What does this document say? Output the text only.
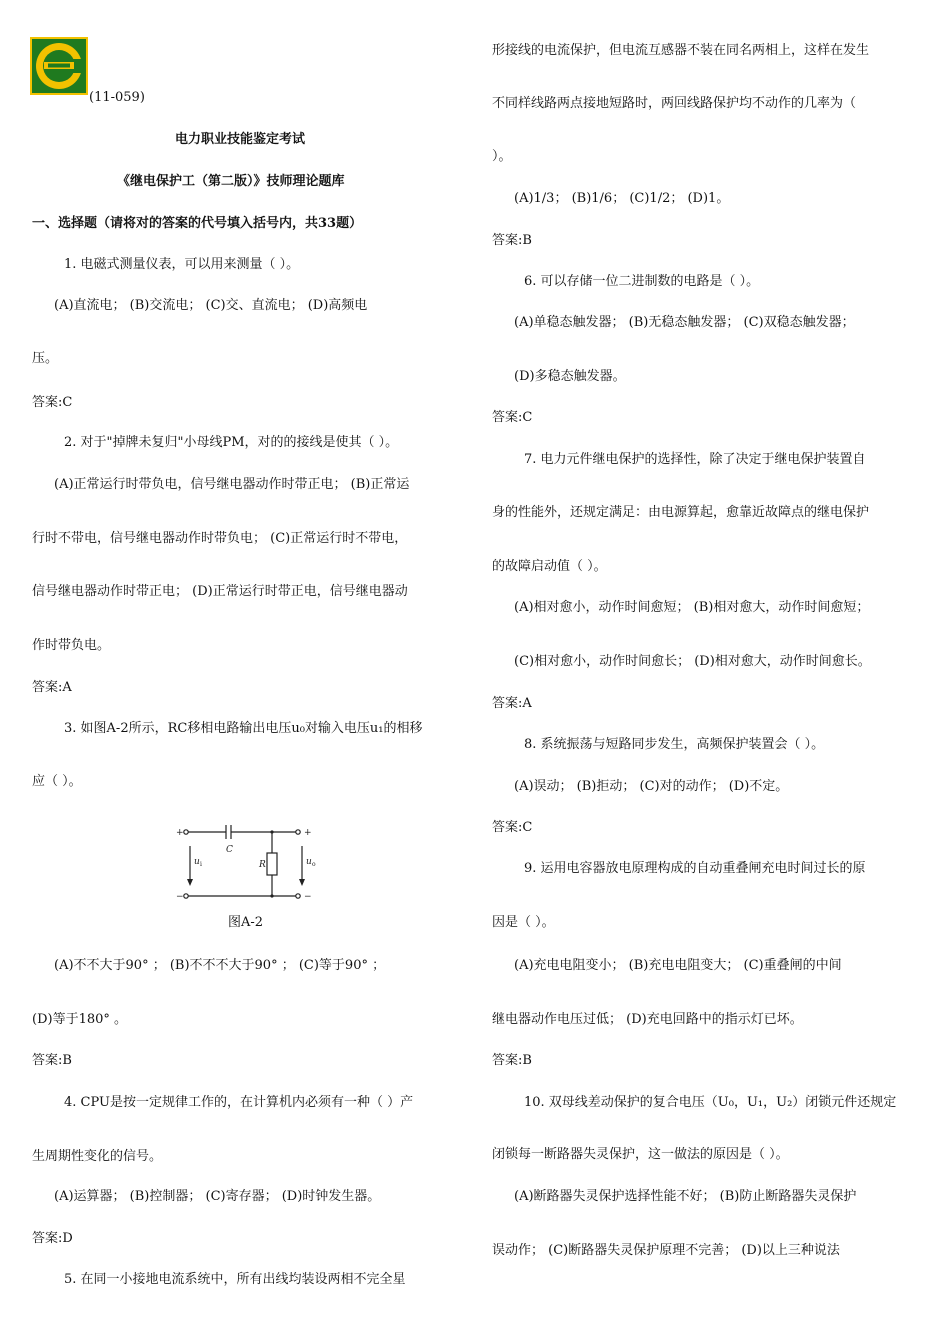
(11-059)
电力职业技能鉴定考试
《继电保护工（第二版）》技师理论题库
一、选择题（请将对的答案的代号填入括号内，共33题）
1. 电磁式测量仪表，可以用来测量（ ）。
(A)直流电； (B)交流电； (C)交、直流电； (D)高频电
压。
答案:C
2. 对于"掉牌未复归"小母线PM，对的的接线是使其（ ）。
(A)正常运行时带负电，信号继电器动作时带正电； (B)正常运
行时不带电，信号继电器动作时带负电； (C)正常运行时不带电，
信号继电器动作时带正电； (D)正常运行时带正电，信号继电器动
作时带负电。
答案:A
3. 如图A-2所示，RC移相电路输出电压u₀对输入电压u₁的相移
应（ ）。
+
−
+
−
C
R
u i	u o
图A-2
(A)不不大于90° ； (B)不不不大于90° ； (C)等于90° ；
(D)等于180° 。
答案:B
4. CPU是按一定规律工作的，在计算机内必须有一种（ ）产
生周期性变化的信号。
(A)运算器； (B)控制器； (C)寄存器； (D)时钟发生器。
答案:D
5. 在同一小接地电流系统中，所有出线均装设两相不完全星
形接线的电流保护，但电流互感器不装在同名两相上，这样在发生
不同样线路两点接地短路时，两回线路保护均不动作的几率为（
）。
(A)1/3； (B)1/6； (C)1/2； (D)1。
答案:B
6. 可以存储一位二进制数的电路是（ ）。
(A)单稳态触发器； (B)无稳态触发器； (C)双稳态触发器；
(D)多稳态触发器。
答案:C
7. 电力元件继电保护的选择性，除了决定于继电保护装置自
身的性能外，还规定满足：由电源算起，愈靠近故障点的继电保护
的故障启动值（ ）。
(A)相对愈小，动作时间愈短； (B)相对愈大，动作时间愈短；
(C)相对愈小，动作时间愈长； (D)相对愈大，动作时间愈长。
答案:A
8. 系统振荡与短路同步发生，高频保护装置会（ ）。
(A)误动； (B)拒动； (C)对的动作； (D)不定。
答案:C
9. 运用电容器放电原理构成的自动重叠闸充电时间过长的原
因是（ ）。
(A)充电电阻变小； (B)充电电阻变大； (C)重叠闸的中间
继电器动作电压过低； (D)充电回路中的指示灯已坏。
答案:B
10. 双母线差动保护的复合电压（U₀，U₁，U₂）闭锁元件还规定
闭锁每一断路器失灵保护，这一做法的原因是（ ）。
(A)断路器失灵保护选择性能不好； (B)防止断路器失灵保护
误动作； (C)断路器失灵保护原理不完善； (D)以上三种说法
